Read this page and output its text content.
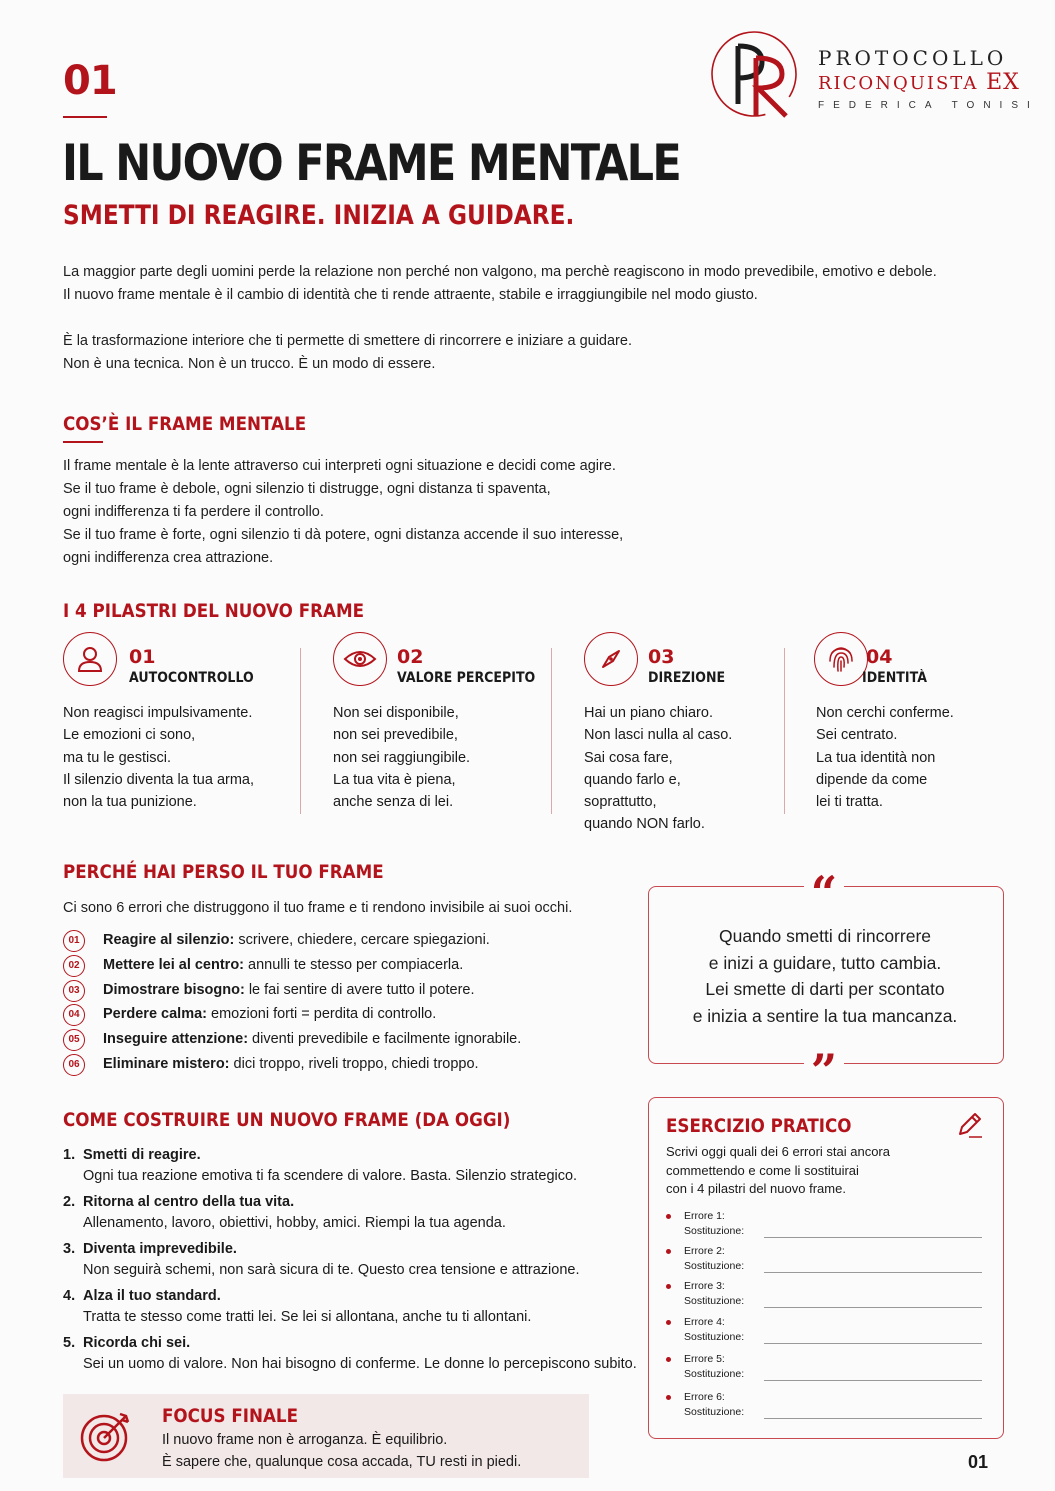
01
IL NUOVO FRAME MENTALE
SMETTI DI REAGIRE. INIZIA A GUIDARE.
PROTOCOLLO
RICONQUISTA EX
FEDERICA TONISI
La maggior parte degli uomini perde la relazione non perché non valgono, ma perchè reagiscono in modo prevedibile, emotivo e debole.
Il nuovo frame mentale è il cambio di identità che ti rende attraente, stabile e irraggiungibile nel modo giusto.
È la trasformazione interiore che ti permette di smettere di rincorrere e iniziare a guidare.
Non è una tecnica. Non è un trucco. È un modo di essere.
COS’È IL FRAME MENTALE
Il frame mentale è la lente attraverso cui interpreti ogni situazione e decidi come agire.
Se il tuo frame è debole, ogni silenzio ti distrugge, ogni distanza ti spaventa,
ogni indifferenza ti fa perdere il controllo.
Se il tuo frame è forte, ogni silenzio ti dà potere, ogni distanza accende il suo interesse,
ogni indifferenza crea attrazione.
I 4 PILASTRI DEL NUOVO FRAME
01
AUTOCONTROLLO
Non reagisci impulsivamente.
Le emozioni ci sono,
ma tu le gestisci.
Il silenzio diventa la tua arma,
non la tua punizione.
02
VALORE PERCEPITO
Non sei disponibile,
non sei prevedibile,
non sei raggiungibile.
La tua vita è piena,
anche senza di lei.
03
DIREZIONE
Hai un piano chiaro.
Non lasci nulla al caso.
Sai cosa fare,
quando farlo e,
soprattutto,
quando NON farlo.
04
IDENTITÀ
Non cerchi conferme.
Sei centrato.
La tua identità non
dipende da come
lei ti tratta.
PERCHÉ HAI PERSO IL TUO FRAME
Ci sono 6 errori che distruggono il tuo frame e ti rendono invisibile ai suoi occhi.
01	Reagire al silenzio: scrivere, chiedere, cercare spiegazioni.
02	Mettere lei al centro: annulli te stesso per compiacerla.
03	Dimostrare bisogno: le fai sentire di avere tutto il potere.
04	Perdere calma: emozioni forti = perdita di controllo.
05	Inseguire attenzione: diventi prevedibile e facilmente ignorabile.
06	Eliminare mistero: dici troppo, riveli troppo, chiedi troppo.
“
”
Quando smetti di rincorrere
e inizi a guidare, tutto cambia.
Lei smette di darti per scontato
e inizia a sentire la tua mancanza.
COME COSTRUIRE UN NUOVO FRAME (DA OGGI)
1. Smetti di reagire.
Ogni tua reazione emotiva ti fa scendere di valore. Basta. Silenzio strategico.
2. Ritorna al centro della tua vita.
Allenamento, lavoro, obiettivi, hobby, amici. Riempi la tua agenda.
3. Diventa imprevedibile.
Non seguirà schemi, non sarà sicura di te. Questo crea tensione e attrazione.
4. Alza il tuo standard.
Tratta te stesso come tratti lei. Se lei si allontana, anche tu ti allontani.
5. Ricorda chi sei.
Sei un uomo di valore. Non hai bisogno di conferme. Le donne lo percepiscono subito.
ESERCIZIO PRATICO
Scrivi oggi quali dei 6 errori stai ancora
commettendo e come li sostituirai
con i 4 pilastri del nuovo frame.
Errore 1:
Sostituzione:
Errore 2:
Sostituzione:
Errore 3:
Sostituzione:
Errore 4:
Sostituzione:
Errore 5:
Sostituzione:
Errore 6:
Sostituzione:
FOCUS FINALE
Il nuovo frame non è arroganza. È equilibrio.
È sapere che, qualunque cosa accada, TU resti in piedi.	01
